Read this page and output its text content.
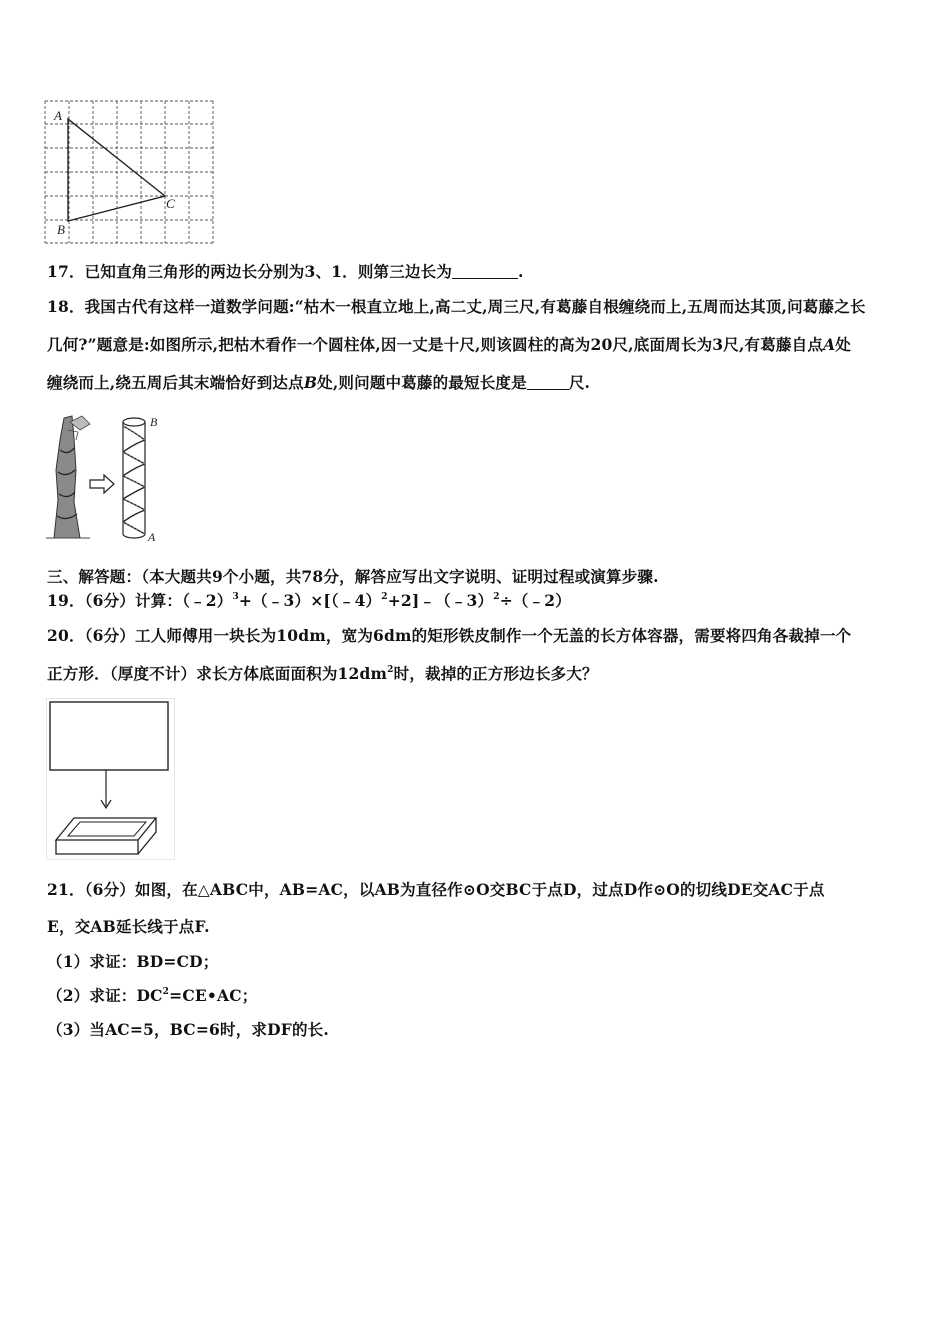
A
B
C
17．已知直角三角形的两边长分别为3、1．则第三边长为	.
18．我国古代有这样一道数学问题:“枯木一根直立地上,高二丈,周三尺,有葛藤自根缠绕而上,五周而达其顶,问葛藤之长
几何?”题意是:如图所示,把枯木看作一个圆柱体,因一丈是十尺,则该圆柱的高为20尺,底面周长为3尺,有葛藤自点A处
缠绕而上,绕五周后其末端恰好到达点B处,则问题中葛藤的最短长度是	尺.
B
A
三、解答题：（本大题共9个小题，共78分，解答应写出文字说明、证明过程或演算步骤.
19．（6分）计算：（﹣2）$^3$+（﹣3）×[（﹣4）$^2$+2]﹣（﹣3）$^2$÷（﹣2）
20．（6分）工人师傅用一块长为10dm，宽为6dm的矩形铁皮制作一个无盖的长方体容器，需要将四角各裁掉一个
正方形．（厚度不计）求长方体底面面积为$12dm^2$时，裁掉的正方形边长多大？
21．（6分）如图，在△ABC中，AB=AC，以AB为直径作⊙O交BC于点D，过点D作⊙O的切线DE交AC于点
E，交AB延长线于点F.
（1）求证：BD=CD；
（2）求证：$DC^2=CE•AC$；
（3）当AC=5，BC=6时，求DF的长.
